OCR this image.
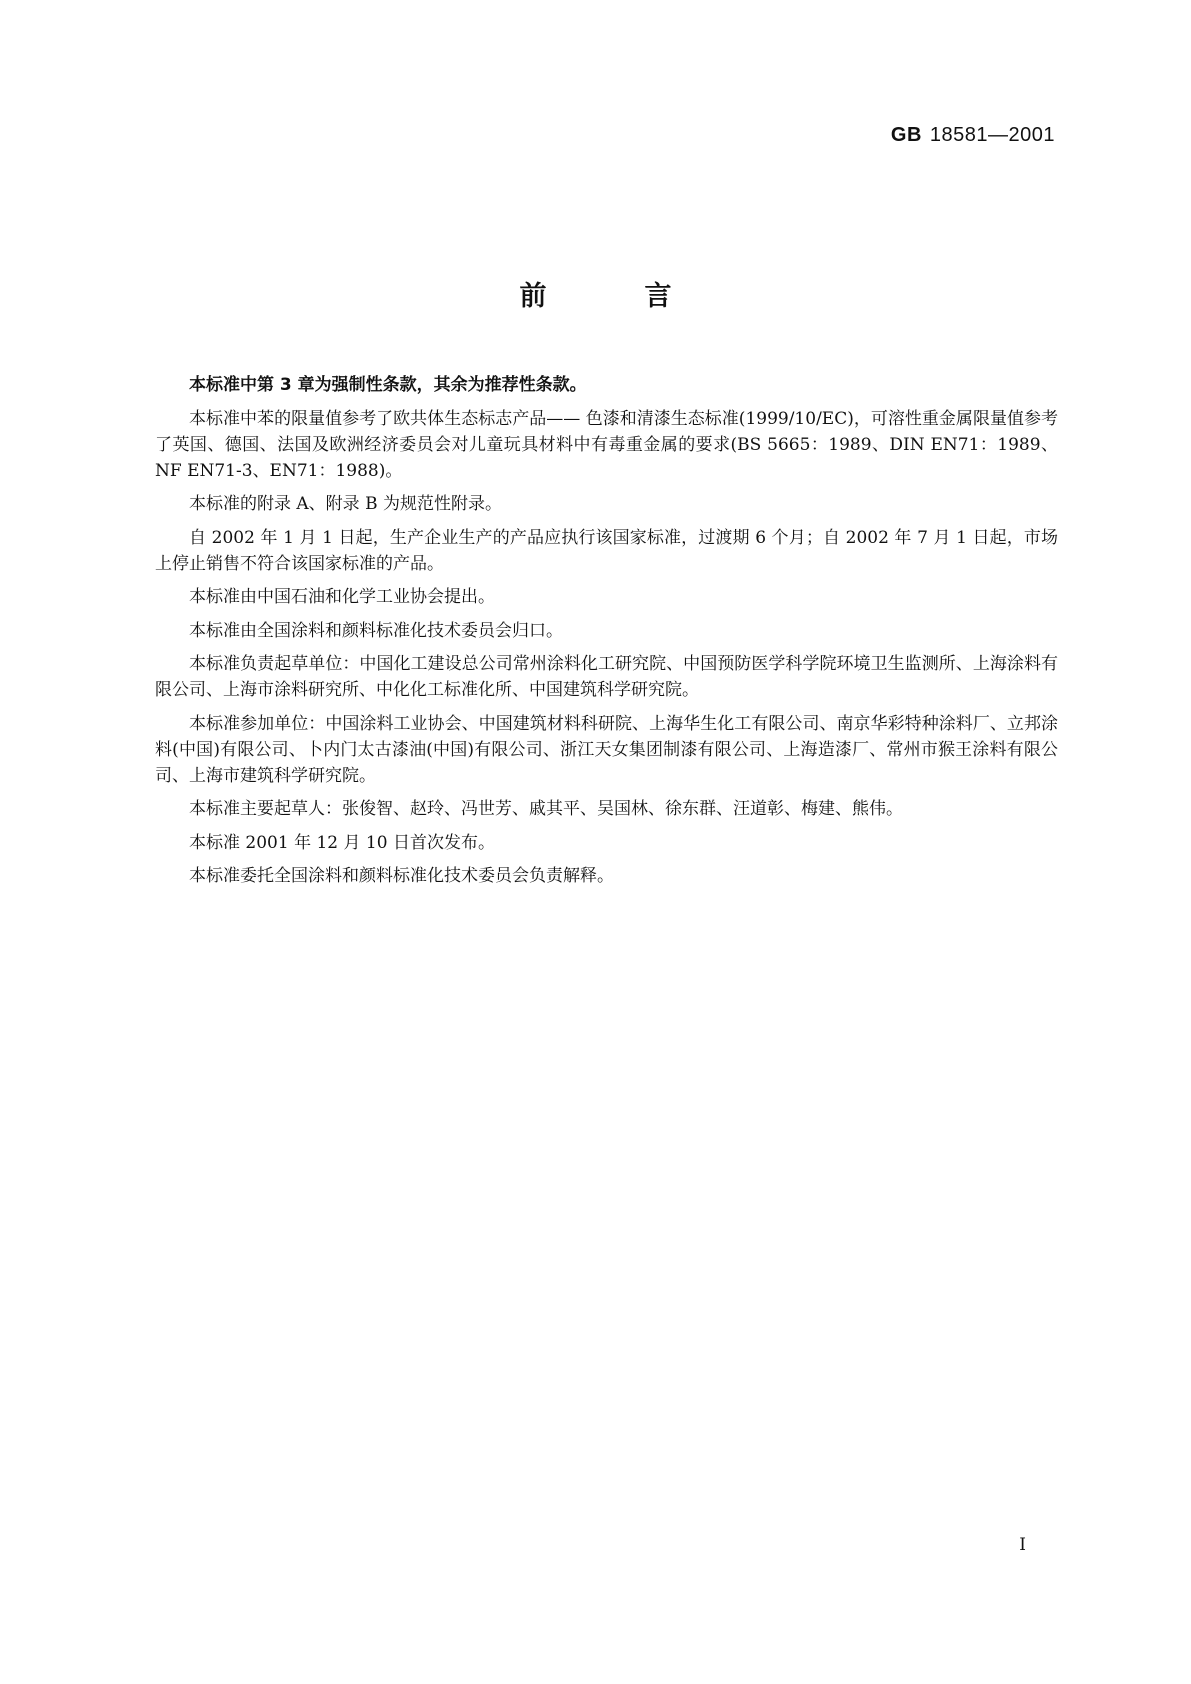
GB 18581—2001
前言

本标准中第 3 章为强制性条款，其余为推荐性条款。

本标准中苯的限量值参考了欧共体生态标志产品—— 色漆和清漆生态标准(1999/10/EC)，可溶性重金属限量值参考了英国、德国、法国及欧洲经济委员会对儿童玩具材料中有毒重金属的要求(BS 5665：1989、DIN EN71：1989、NF EN71-3、EN71：1988)。

本标准的附录 A、附录 B 为规范性附录。

自 2002 年 1 月 1 日起，生产企业生产的产品应执行该国家标准，过渡期 6 个月；自 2002 年 7 月 1 日起，市场上停止销售不符合该国家标准的产品。

本标准由中国石油和化学工业协会提出。

本标准由全国涂料和颜料标准化技术委员会归口。

本标准负责起草单位：中国化工建设总公司常州涂料化工研究院、中国预防医学科学院环境卫生监测所、上海涂料有限公司、上海市涂料研究所、中化化工标准化所、中国建筑科学研究院。

本标准参加单位：中国涂料工业协会、中国建筑材料科研院、上海华生化工有限公司、南京华彩特种涂料厂、立邦涂料(中国)有限公司、卜内门太古漆油(中国)有限公司、浙江天女集团制漆有限公司、上海造漆厂、常州市猴王涂料有限公司、上海市建筑科学研究院。

本标准主要起草人：张俊智、赵玲、冯世芳、戚其平、吴国林、徐东群、汪道彰、梅建、熊伟。

本标准 2001 年 12 月 10 日首次发布。

本标准委托全国涂料和颜料标准化技术委员会负责解释。

I
